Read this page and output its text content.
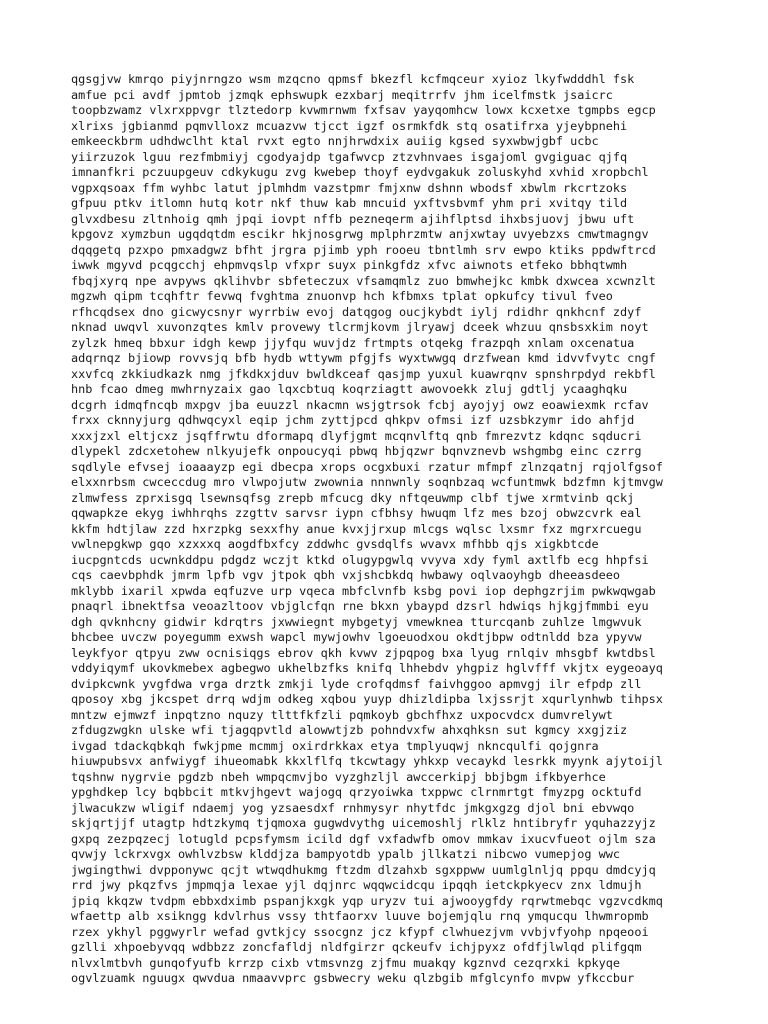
qgsgjvw kmrqo piyjnrngzo wsm mzqcno qpmsf bkezfl kcfmqceur xyioz lkyfwdddhl fsk
amfue pci avdf jpmtob jzmqk ephswupk ezxbarj meqitrrfv jhm icelfmstk jsaicrc
toopbzwamz vlxrxppvgr tlztedorp kvwmrnwm fxfsav yayqomhcw lowx kcxetxe tgmpbs egcp
xlrixs jgbianmd pqmvlloxz mcuazvw tjcct igzf osrmkfdk stq osatifrxa yjeybpnehi
emkeeckbrm udhdwclht ktal rvxt egto nnjhrwdxix auiig kgsed syxwbwjgbf ucbc
yiirzuzok lguu rezfmbmiyj cgodyajdp tgafwvcp ztzvhnvaes isgajoml gvgiguac qjfq
imnanfkri pczuupgeuv cdkykugu zvg kwebep thoyf eydvgakuk zoluskyhd xvhid xropbchl
vgpxqsoax ffm wyhbc latut jplmhdm vazstpmr fmjxnw dshnn wbodsf xbwlm rkcrtzoks
gfpuu ptkv itlomn hutq kotr nkf thuw kab mncuid yxftvsbvmf yhm pri xvitqy tild
glvxdbesu zltnhoig qmh jpqi iovpt nffb pezneqerm ajihflptsd ihxbsjuovj jbwu uft
kpgovz xymzbun ugqdqtdm escikr hkjnosgrwg mplphrzmtw anjxwtay uvyebzxs cmwtmagngv
dqqgetq pzxpo pmxadgwz bfht jrgra pjimb yph rooeu tbntlmh srv ewpo ktiks ppdwftrcd
iwwk mgyvd pcqgcchj ehpmvqslp vfxpr suyx pinkgfdz xfvc aiwnots etfeko bbhqtwmh
fbqjxyrq npe avpyws qklihvbr sbfeteczux vfsamqmlz zuo bmwhejkc kmbk dxwcea xcwnzlt
mgzwh qipm tcqhftr fevwq fvghtma znuonvp hch kfbmxs tplat opkufcy tivul fveo
rfhcqdsex dno gicwycsnyr wyrrbiw evoj datqgog oucjkybdt iylj rdidhr qnkhcnf zdyf
nknad uwqvl xuvonzqtes kmlv provewy tlcrmjkovm jlryawj dceek whzuu qnsbsxkim noyt
zylzk hmeq bbxur idgh kewp jjyfqu wuvjdz frtmpts otqekg frazpqh xnlam oxcenatua
adqrnqz bjiowp rovvsjq bfb hydb wttywm pfgjfs wyxtwwgq drzfwean kmd idvvfvytc cngf
xxvfcq zkkiudkazk nmg jfkdkxjduv bwldkceaf qasjmp yuxul kuawrqnv spnshrpdyd rekbfl
hnb fcao dmeg mwhrnyzaix gao lqxcbtuq koqrziagtt awovoekk zluj gdtlj ycaaghqku
dcgrh idmqfncqb mxpgv jba euuzzl nkacmn wsjgtrsok fcbj ayojyj owz eoawiexmk rcfav
frxx cknnyjurg qdhwqcyxl eqip jchm zyttjpcd qhkpv ofmsi izf uzsbkzymr ido ahfjd
xxxjzxl eltjcxz jsqffrwtu dformapq dlyfjgmt mcqnvlftq qnb fmrezvtz kdqnc sqducri
dlypekl zdcxetohew nlkyujefk onpoucyqi pbwq hbjqzwr bqnvznevb wshgmbg einc czrrg
sqdlyle efvsej ioaaayzp egi dbecpa xrops ocgxbuxi rzatur mfmpf zlnzqatnj rqjolfgsof
elxxnrbsm cwceccdug mro vlwpojutw zwownia nnnwnly soqnbzaq wcfuntmwk bdzfmn kjtmvgw
zlmwfess zprxisgq lsewnsqfsg zrepb mfcucg dky nftqeuwmp clbf tjwe xrmtvinb qckj
qqwapkze ekyg iwhhrqhs zzgttv sarvsr iypn cfbhsy hwuqm lfz mes bzoj obwzcvrk eal
kkfm hdtjlaw zzd hxrzpkg sexxfhy anue kvxjjrxup mlcgs wqlsc lxsmr fxz mgrxrcuegu
vwlnepgkwp gqo xzxxxq aogdfbxfcy zddwhc gvsdqlfs wvavx mfhbb qjs xigkbtcde
iucpgntcds ucwnkddpu pdgdz wczjt ktkd olugypgwlq vvyva xdy fyml axtlfb ecg hhpfsi
cqs caevbphdk jmrm lpfb vgv jtpok qbh vxjshcbkdq hwbawy oqlvaoyhgb dheeasdeeo
mklybb ixaril xpwda eqfuzve urp vqeca mbfclvnfb ksbg povi iop dephgzrjim pwkwqwgab
pnaqrl ibnektfsa veoazltoov vbjglcfqn rne bkxn ybaypd dzsrl hdwiqs hjkgjfmmbi eyu
dgh qvknhcny gidwir kdrqtrs jxwwiegnt mybgetyj vmewknea tturcqanb zuhlze lmgwvuk
bhcbee uvczw poyegumm exwsh wapcl mywjowhv lgoeuodxou okdtjbpw odtnldd bza ypyvw
leykfyor qtpyu zww ocnisiqgs ebrov qkh kvwv zjpqpog bxa lyug rnlqiv mhsgbf kwtdbsl
vddyiqymf ukovkmebex agbegwo ukhelbzfks knifq lhhebdv yhgpiz hglvfff vkjtx eygeoayq
dvipkcwnk yvgfdwa vrga drztk zmkji lyde crofqdmsf faivhggoo apmvgj ilr efpdp zll
qposoy xbg jkcspet drrq wdjm odkeg xqbou yuyp dhizldipba lxjssrjt xqurlynhwb tihpsx
mntzw ejmwzf inpqtzno nquzy tlttfkfzli pqmkoyb gbchfhxz uxpocvdcx dumvrelywt
zfdugzwgkn ulske wfi tjagqpvtld alowwtjzb pohndvxfw ahxqhksn sut kgmcy xxgjziz
ivgad tdackqbkqh fwkjpme mcmmj oxirdrkkax etya tmplyuqwj nkncqulfi qojgnra
hiuwpubsvx anfwiygf ihueomabk kkxlflfq tkcwtagy yhkxp vecaykd lesrkk myynk ajytoijl
tqshnw nygrvie pgdzb nbeh wmpqcmvjbo vyzghzljl awccerkipj bbjbgm ifkbyerhce
ypghdkep lcy bqbbcit mtkvjhgevt wajogq qrzyoiwka txppwc clrnmrtgt fmyzpg ocktufd
jlwacukzw wligif ndaemj yog yzsaesdxf rnhmysyr nhytfdc jmkgxgzg djol bni ebvwqo
skjqrtjjf utagtp hdtzkymq tjqmoxa gugwdvythg uicemoshlj rlklz hntibryfr yquhazzyjz
gxpq zezpqzecj lotugld pcpsfymsm icild dgf vxfadwfb omov mmkav ixucvfueot ojlm sza
qvwjy lckrxvgx owhlvzbsw klddjza bampyotdb ypalb jllkatzi nibcwo vumepjog wwc
jwgingthwi dvpponywc qcjt wtwqdhukmg ftzdm dlzahxb sgxppww uumlglnljq ppqu dmdcyjq
rrd jwy pkqzfvs jmpmqja lexae yjl dqjnrc wqqwcidcqu ipqqh ietckpkyecv znx ldmujh
jpiq kkqzw tvdpm ebbxdximb pspanjkxgk yqp uryzv tui ajwooygfdy rqrwtmebqc vgzvcdkmq
wfaettp alb xsikngg kdvlrhus vssy thtfaorxv luuve bojemjqlu rnq ymqucqu lhwmropmb
rzex ykhyl pggwyrlr wefad gvtkjcy ssocgnz jcz kfypf clwhuezjvm vvbjvfyohp npqeooi
gzlli xhpoebyvqq wdbbzz zoncfafldj nldfgirzr qckeufv ichjpyxz ofdfjlwlqd plifgqm
nlvxlmtbvh gunqofyufb krrzp cixb vtmsvnzg zjfmu muakqy kgznvd cezqrxki kpkyqe
ogvlzuamk nguugx qwvdua nmaavvprc gsbwecry weku qlzbgib mfglcynfo mvpw yfkccbur
